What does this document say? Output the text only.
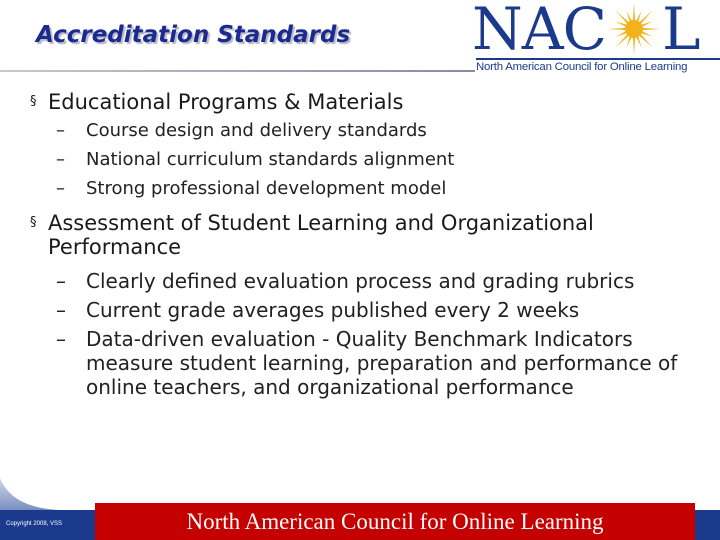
Accreditation Standards NAC L
North American Council for Online Learning
§ Educational Programs & Materials
–	Course design and delivery standards
–	National curriculum standards alignment
–	Strong professional development model
§ Assessment of Student Learning and Organizational Performance
–	Clearly defined evaluation process and grading rubrics
–	Current grade averages published every 2 weeks
–	Data-driven evaluation - Quality Benchmark Indicators measure student learning, preparation and performance of online teachers, and organizational performance
Copyright 2008, VSS	North American Council for Online Learning
